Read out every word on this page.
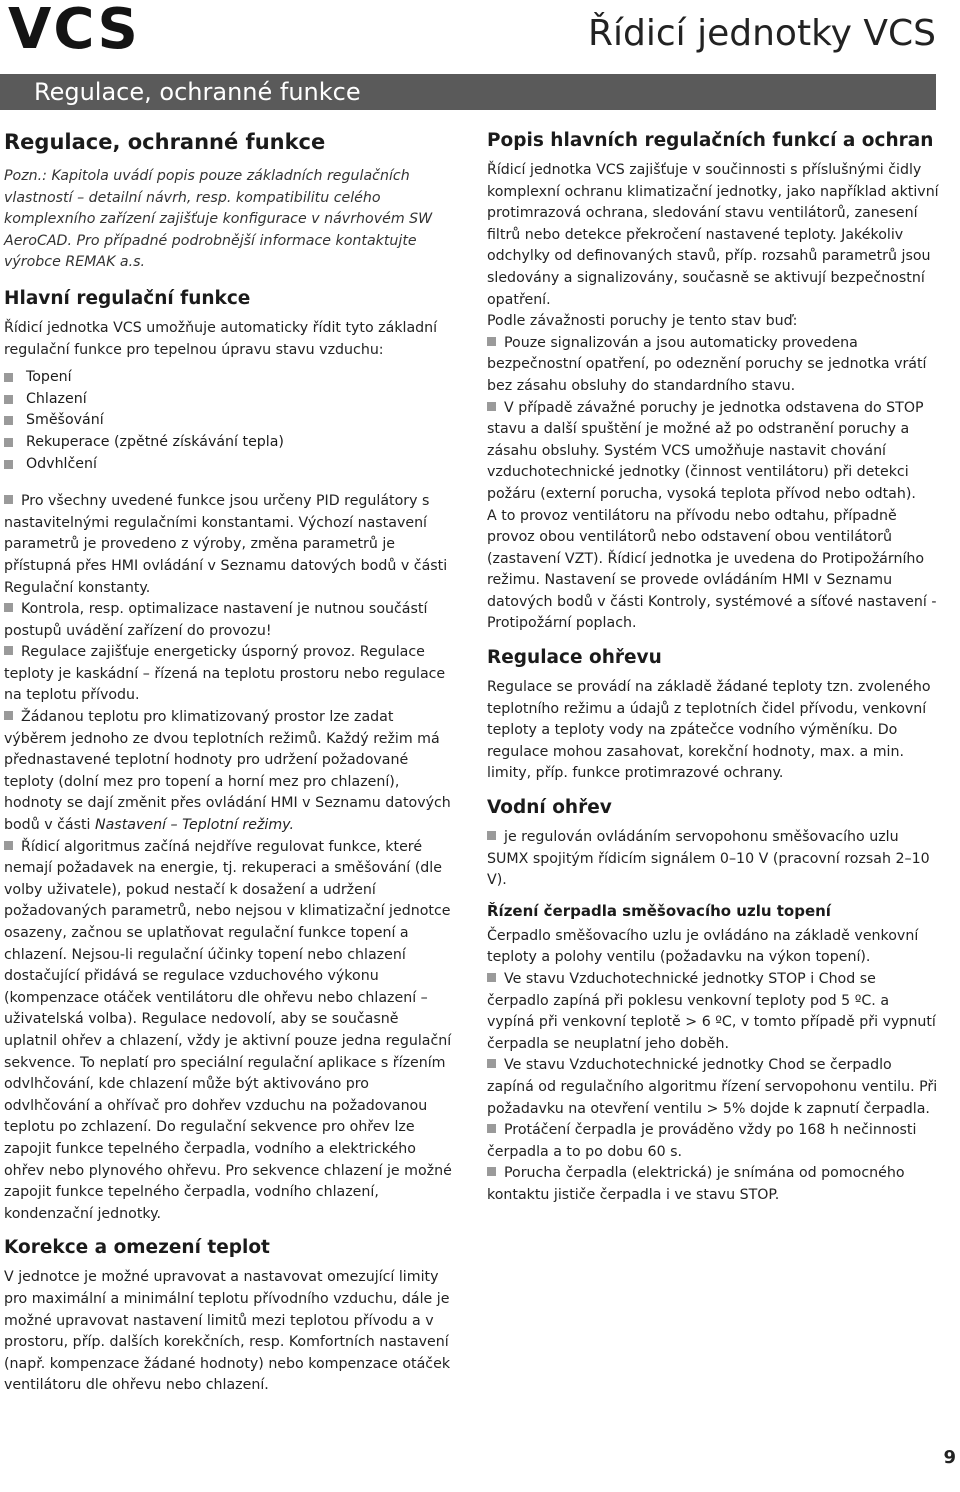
VCS	Řídicí jednotky VCS
Regulace, ochranné funkce
Regulace, ochranné funkce

Pozn.: Kapitola uvádí popis pouze základních regulačních vlastností – detailní návrh, resp. kompatibilitu celého komplexního zařízení zajišťuje konfigurace v návrhovém SW AeroCAD. Pro případné podrobnější informace kontaktujte výrobce REMAK a.s.

Hlavní regulační funkce

Řídicí jednotka VCS umožňuje automaticky řídit tyto základní regulační funkce pro tepelnou úpravu stavu vzduchu:

Topení
Chlazení
Směšování
Rekuperace (zpětné získávání tepla)
Odvhlčení

Pro všechny uvedené funkce jsou určeny PID regulátory s nastavitelnými regulačními konstantami. Výchozí nastavení parametrů je provedeno z výroby, změna parametrů je přístupná přes HMI ovládání v Seznamu datových bodů v části Regulační konstanty.

Kontrola, resp. optimalizace nastavení je nutnou součástí postupů uvádění zařízení do provozu!

Regulace zajišťuje energeticky úsporný provoz. Regulace teploty je kaskádní – řízená na teplotu prostoru nebo regulace na teplotu přívodu.

Žádanou teplotu pro klimatizovaný prostor lze zadat výběrem jednoho ze dvou teplotních režimů. Každý režim má přednastavené teplotní hodnoty pro udržení požadované teploty (dolní mez pro topení a horní mez pro chlazení), hodnoty se dají změnit přes ovládání HMI v Seznamu datových bodů v části Nastavení – Teplotní režimy.

Řídicí algoritmus začíná nejdříve regulovat funkce, které nemají požadavek na energie, tj. rekuperaci a směšování (dle volby uživatele), pokud nestačí k dosažení a udržení požadovaných parametrů, nebo nejsou v klimatizační jednotce osazeny, začnou se uplatňovat regulační funkce topení a chlazení. Nejsou-li regulační účinky topení nebo chlazení dostačující přidává se regulace vzduchového výkonu (kompenzace otáček ventilátoru dle ohřevu nebo chlazení – uživatelská volba). Regulace nedovolí, aby se současně uplatnil ohřev a chlazení, vždy je aktivní pouze jedna regulační sekvence. To neplatí pro speciální regulační aplikace s řízením odvlhčování, kde chlazení může být aktivováno pro odvlhčování a ohřívač pro dohřev vzduchu na požadovanou teplotu po zchlazení. Do regulační sekvence pro ohřev lze zapojit funkce tepelného čerpadla, vodního a elektrického ohřev nebo plynového ohřevu. Pro sekvence chlazení je možné zapojit funkce tepelného čerpadla, vodního chlazení, kondenzační jednotky.

Korekce a omezení teplot

V jednotce je možné upravovat a nastavovat omezující limity pro maximální a minimální teplotu přívodního vzduchu, dále je možné upravovat nastavení limitů mezi teplotou přívodu a v prostoru, příp. dalších korekčních, resp. Komfortních nastavení (např. kompenzace žádané hodnoty) nebo kompenzace otáček ventilátoru dle ohřevu nebo chlazení.

Popis hlavních regulačních funkcí a ochran

Řídicí jednotka VCS zajišťuje v součinnosti s příslušnými čidly komplexní ochranu klimatizační jednotky, jako například aktivní protimrazová ochrana, sledování stavu ventilátorů, zanesení filtrů nebo detekce překročení nastavené teploty. Jakékoliv odchylky od definovaných stavů, příp. rozsahů parametrů jsou sledovány a signalizovány, současně se aktivují bezpečnostní opatření.

Podle závažnosti poruchy je tento stav buď:

Pouze signalizován a jsou automaticky provedena bezpečnostní opatření, po odeznění poruchy se jednotka vrátí bez zásahu obsluhy do standardního stavu.

V případě závažné poruchy je jednotka odstavena do STOP stavu a další spuštění je možné až po odstranění poruchy a zásahu obsluhy. Systém VCS umožňuje nastavit chování vzduchotechnické jednotky (činnost ventilátoru) při detekci požáru (externí porucha, vysoká teplota přívod nebo odtah).

A to provoz ventilátoru na přívodu nebo odtahu, případně provoz obou ventilátorů nebo odstavení obou ventilátorů (zastavení VZT). Řídicí jednotka je uvedena do Protipožárního režimu. Nastavení se provede ovládáním HMI v Seznamu datových bodů v části Kontroly, systémové a síťové nastavení - Protipožární poplach.

Regulace ohřevu

Regulace se provádí na základě žádané teploty tzn. zvoleného teplotního režimu a údajů z teplotních čidel přívodu, venkovní teploty a teploty vody na zpátečce vodního výměníku. Do regulace mohou zasahovat, korekční hodnoty, max. a min. limity, příp. funkce protimrazové ochrany.

Vodní ohřev

je regulován ovládáním servopohonu směšovacího uzlu SUMX spojitým řídicím signálem 0–10 V (pracovní rozsah 2–10 V).

Řízení čerpadla směšovacího uzlu topení

Čerpadlo směšovacího uzlu je ovládáno na základě venkovní teploty a polohy ventilu (požadavku na výkon topení).

Ve stavu Vzduchotechnické jednotky STOP i Chod se čerpadlo zapíná při poklesu venkovní teploty pod 5 ºC. a vypíná při venkovní teplotě > 6 ºC, v tomto případě při vypnutí čerpadla se neuplatní jeho doběh.

Ve stavu Vzduchotechnické jednotky Chod se čerpadlo zapíná od regulačního algoritmu řízení servopohonu ventilu. Při požadavku na otevření ventilu > 5% dojde k zapnutí čerpadla.

Protáčení čerpadla je prováděno vždy po 168 h nečinnosti čerpadla a to po dobu 60 s.

Porucha čerpadla (elektrická) je snímána od pomocného kontaktu jističe čerpadla i ve stavu STOP.

9
